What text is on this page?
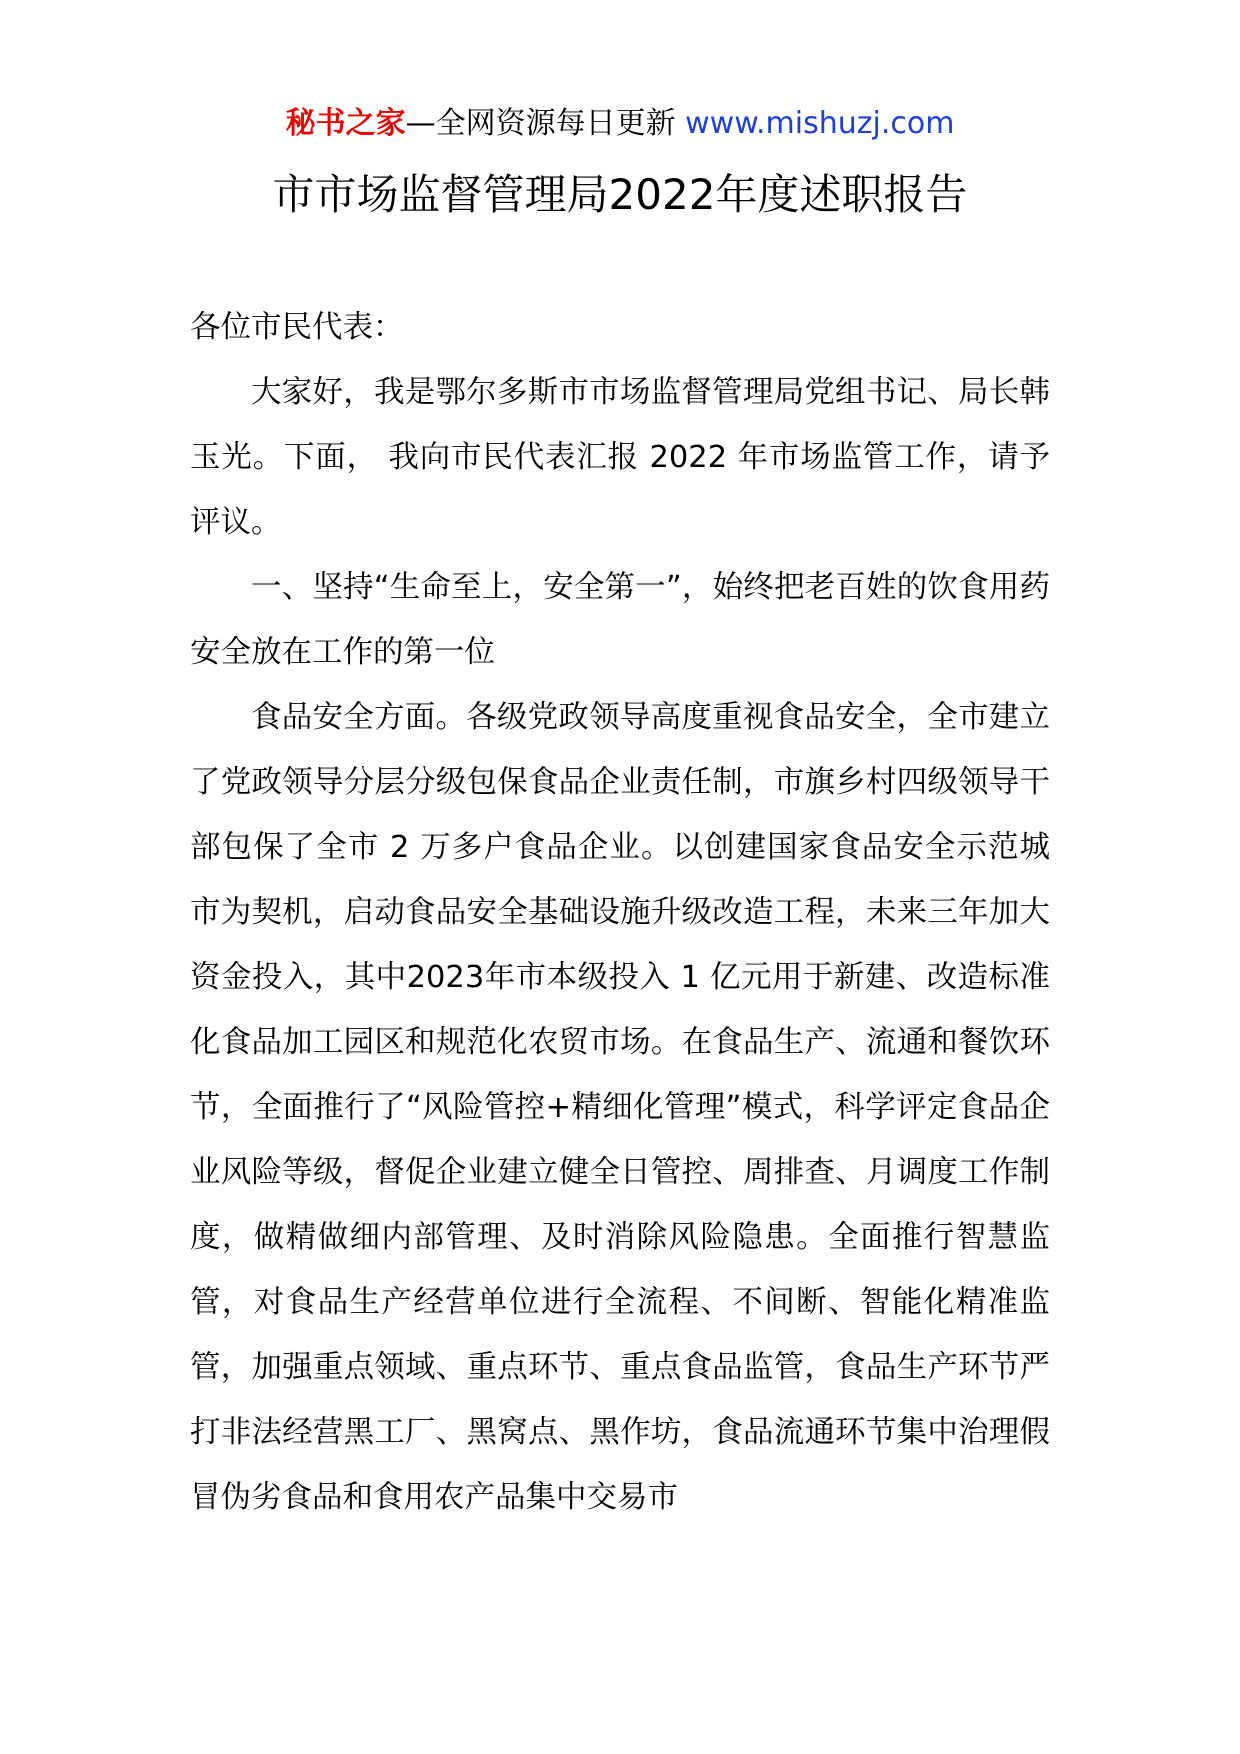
秘书之家—全网资源每日更新 www.mishuzj.com
市市场监督管理局2022年度述职报告

各位市民代表：

大家好，我是鄂尔多斯市市场监督管理局党组书记、局长韩玉光。下面， 我向市民代表汇报 2022 年市场监管工作，请予评议。

一、坚持“生命至上，安全第一”，始终把老百姓的饮食用药安全放在工作的第一位

食品安全方面。各级党政领导高度重视食品安全，全市建立了党政领导分层分级包保食品企业责任制，市旗乡村四级领导干部包保了全市 2 万多户食品企业。以创建国家食品安全示范城市为契机，启动食品安全基础设施升级改造工程，未来三年加大资金投入，其中2023年市本级投入 1 亿元用于新建、改造标准化食品加工园区和规范化农贸市场。在食品生产、流通和餐饮环节，全面推行了“风险管控+精细化管理”模式，科学评定食品企业风险等级，督促企业建立健全日管控、周排查、月调度工作制度，做精做细内部管理、及时消除风险隐患。全面推行智慧监管，对食品生产经营单位进行全流程、不间断、智能化精准监管，加强重点领域、重点环节、重点食品监管，食品生产环节严打非法经营黑工厂、黑窝点、黑作坊，食品流通环节集中治理假冒伪劣食品和食用农产品集中交易市
